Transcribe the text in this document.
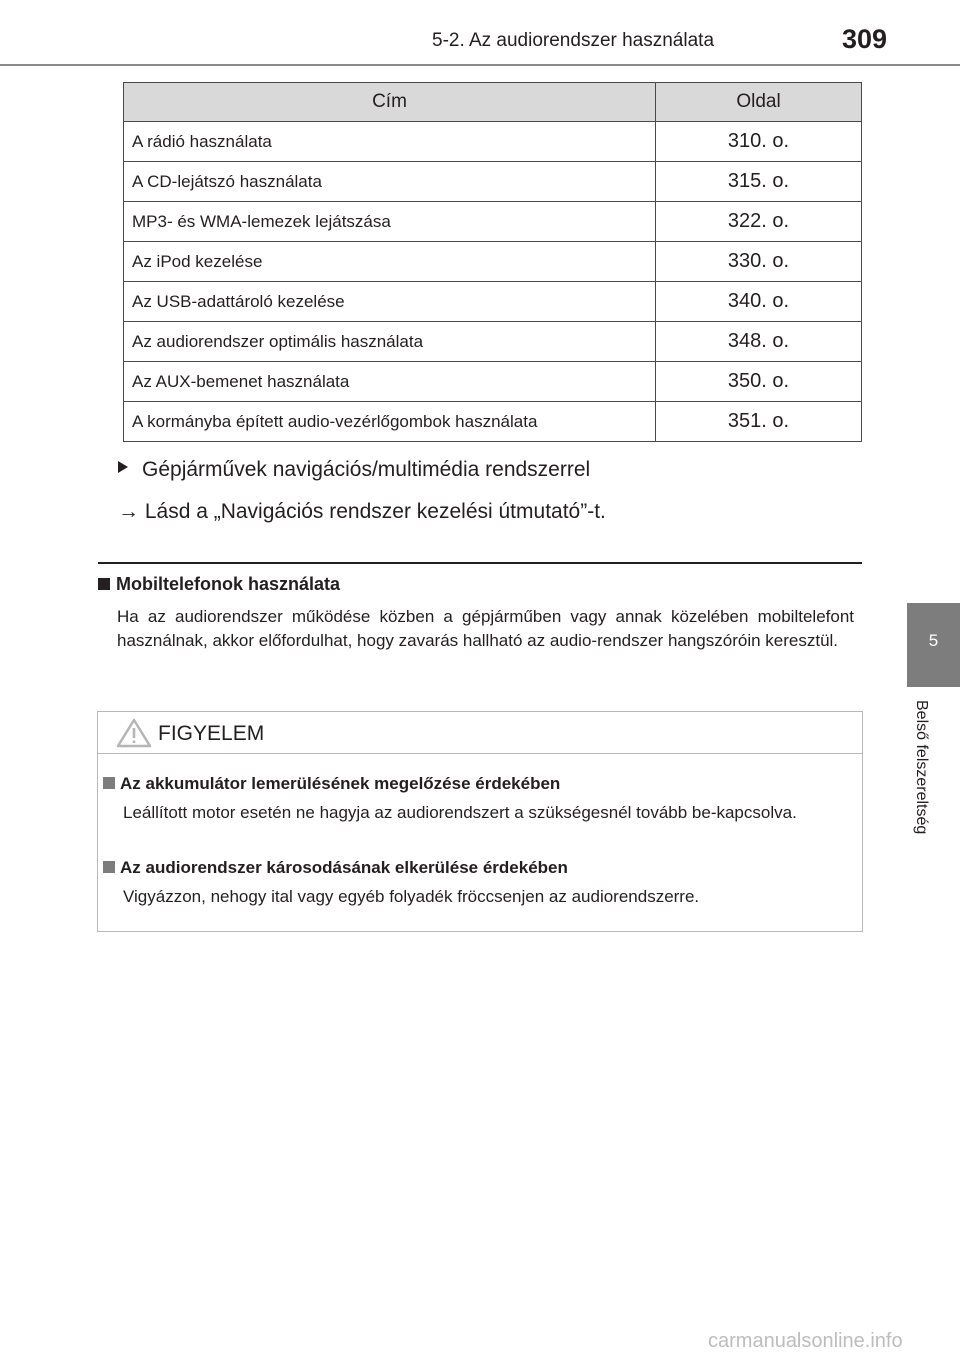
5-2. Az audiorendszer használata	309
5
Belső felszereltség
Cím	Oldal
A rádió használata	310. o.
A CD-lejátszó használata	315. o.
MP3- és WMA-lemezek lejátszása	322. o.
Az iPod kezelése	330. o.
Az USB-adattároló kezelése	340. o.
Az audiorendszer optimális használata	348. o.
Az AUX-bemenet használata	350. o.
A kormányba épített audio-vezérlőgombok használata	351. o.
Gépjárművek navigációs/multimédia rendszerrel
→ Lásd a „Navigációs rendszer kezelési útmutató”-t.
Mobiltelefonok használata
Ha az audiorendszer működése közben a gépjárműben vagy annak közelében mobiltelefont használnak, akkor előfordulhat, hogy zavarás hallható az audio-rendszer hangszóróin keresztül.
FIGYELEM
Az akkumulátor lemerülésének megelőzése érdekében
Leállított motor esetén ne hagyja az audiorendszert a szükségesnél tovább be-kapcsolva.
Az audiorendszer károsodásának elkerülése érdekében
Vigyázzon, nehogy ital vagy egyéb folyadék fröccsenjen az audiorendszerre.
carmanualsonline.info
